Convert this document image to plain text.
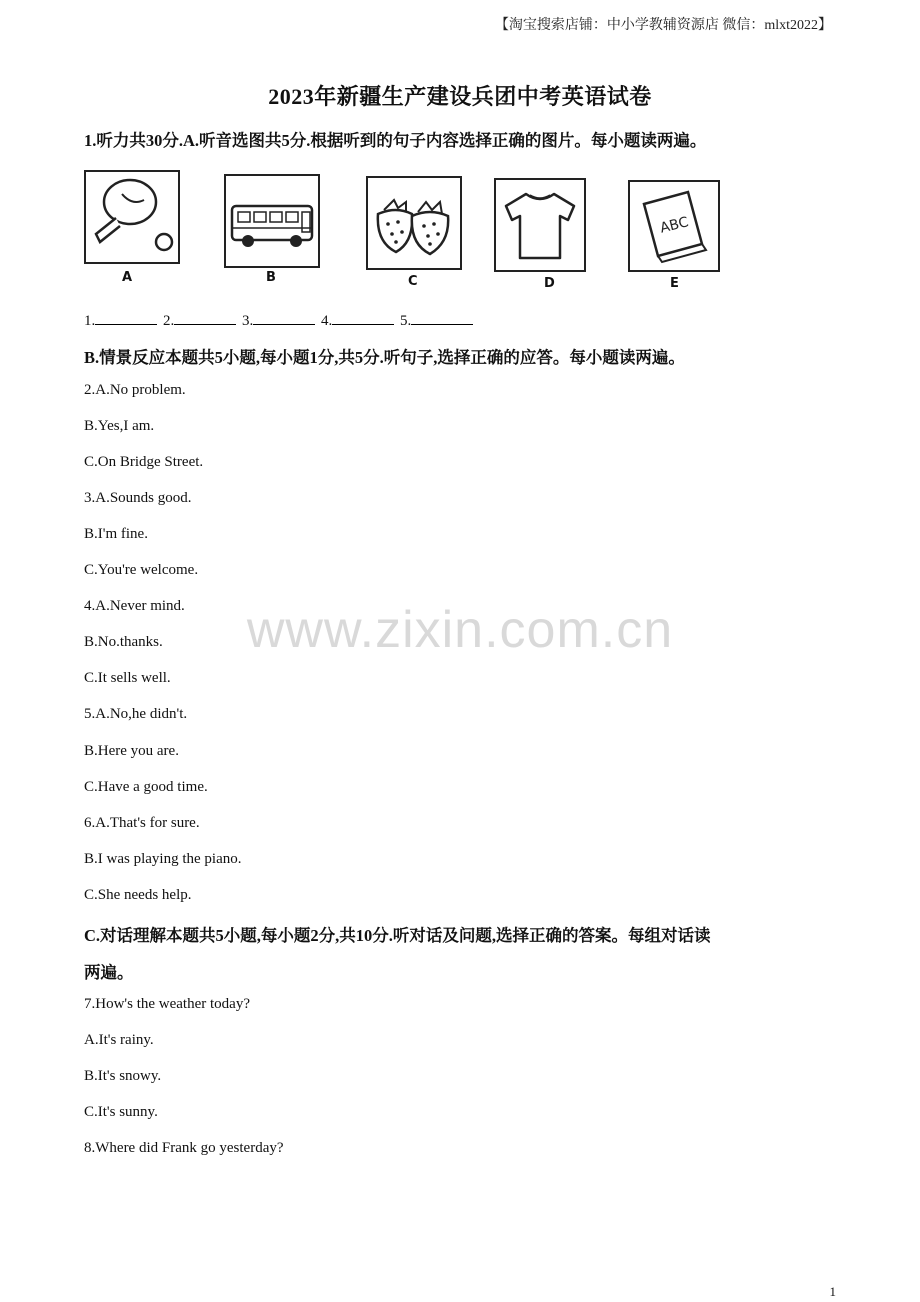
【淘宝搜索店铺：中小学教辅资源店 微信：mlxt2022】
2023年新疆生产建设兵团中考英语试卷
1.听力共30分.A.听音选图共5分.根据听到的句子内容选择正确的图片。每小题读两遍。
A	B	C	D
ABC
E
1.	2.	3.	4.	5.
B.情景反应本题共5小题,每小题1分,共5分.听句子,选择正确的应答。每小题读两遍。
2.A.No problem.
B.Yes,I am.
C.On Bridge Street.
3.A.Sounds good.
B.I'm fine.
C.You're welcome.
4.A.Never mind.
B.No.thanks.
C.It sells well.
5.A.No,he didn't.
B.Here you are.
C.Have a good time.
6.A.That's for sure.
B.I was playing the piano.
C.She needs help.
C.对话理解本题共5小题,每小题2分,共10分.听对话及问题,选择正确的答案。每组对话读
两遍。
7.How's the weather today?
A.It's rainy.
B.It's snowy.
C.It's sunny.
8.Where did Frank go yesterday?
www.zixin.com.cn
1
